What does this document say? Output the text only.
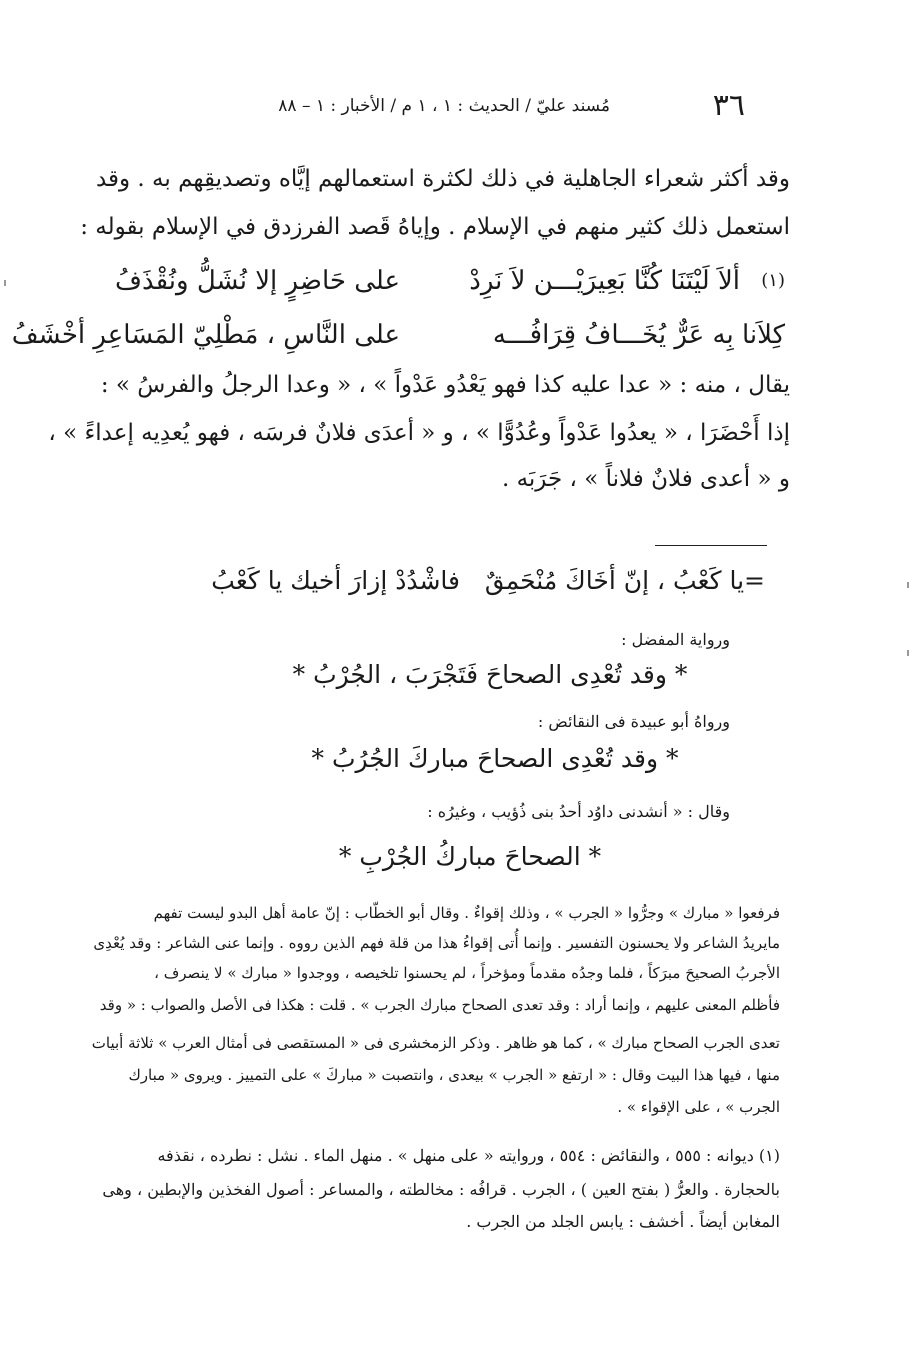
٣٦
مُسند عليّ / الحديث : ١ ، ١ م / الأخبار : ١ – ٨٨
وقد أكثر شعراء الجاهلية في ذلك لكثرة استعمالهم إيَّاه وتصديقِهم به . وقد
استعمل ذلك كثير منهم في الإسلام . وإياهُ قَصد الفرزدق في الإسلام بقوله :
(١)
ألاَ لَيْتَنَا كُنَّا بَعِيرَيْـــن لاَ نَرِدْ
على حَاضِرٍ إلا نُشَلُّ ونُقْذَفُ
كِلاَنا بِه عَرٌّ يُخَـــافُ قِرَافُـــه
على النَّاسِ ، مَطْلِيّ المَسَاعِرِ أخْشَفُ
يقال ، منه : « عدا عليه كذا فهو يَعْدُو عَدْواً » ، « وعدا الرجلُ والفرسُ » :
إذا أَحْضَرَا ، « يعدُوا عَدْواً وعُدُوًّا » ، و « أعدَى فلانٌ فرسَه ، فهو يُعدِيه إعداءً » ،
و « أعدى فلانٌ فلاناً » ، جَرَبَه .
=يا كَعْبُ ، إنّ أخَاكَ مُنْحَمِقٌ
فاشْدُدْ إزارَ أخيك يا كَعْبُ
ورواية المفضل :
* وقد تُعْدِى الصحاحَ فَتَجْرَبَ ، الجُرْبُ *
ورواهُ أبو عبيدة فى النقائض :
* وقد تُعْدِى الصحاحَ مباركَ الجُرُبُ *
وقال : « أنشدنى داوُد أحدُ بنى ذُؤيب ، وغيرُه :
* الصحاحَ مباركُ الجُرْبِ *
فرفعوا « مبارك » وجرُّوا « الجرب » ، وذلك إقواءٌ . وقال أبو الخطّاب : إنّ عامة أهل البدو ليست تفهم
مايريدُ الشاعر ولا يحسنون التفسير . وإنما أُتى إقواءُ هذا من قلة فهم الذين رووه . وإنما عنى الشاعر : وقد يُعْدِى
الأجربُ الصحيحَ مبرَكاً ، فلما وجدُه مقدماً ومؤخراً ، لم يحسنوا تلخيصه ، ووجدوا « مبارك » لا ينصرف ،
فأظلم المعنى عليهم ، وإنما أراد : وقد تعدى الصحاح مبارك الجرب » . قلت : هكذا فى الأصل والصواب : « وقد
تعدى الجرب الصحاح مبارك » ، كما هو ظاهر . وذكر الزمخشرى فى « المستقصى فى أمثال العرب » ثلاثة أبيات
منها ، فيها هذا البيت وقال : « ارتفع « الجرب » بيعدى ، وانتصبت « مباركَ » على التمييز . ويروى « مبارك
الجرب » ، على الإقواء » .
(١) ديوانه : ٥٥٥ ، والنقائض : ٥٥٤ ، وروايته « على منهل » . منهل الماء . نشل : نطرده ، نقذفه
بالحجارة . والعرُّ ( بفتح العين ) ، الجرب . قرافُه : مخالطته ، والمساعر : أصول الفخذين والإبطين ، وهى
المغابن أيضاً . أخشف : يابس الجلد من الجرب .
